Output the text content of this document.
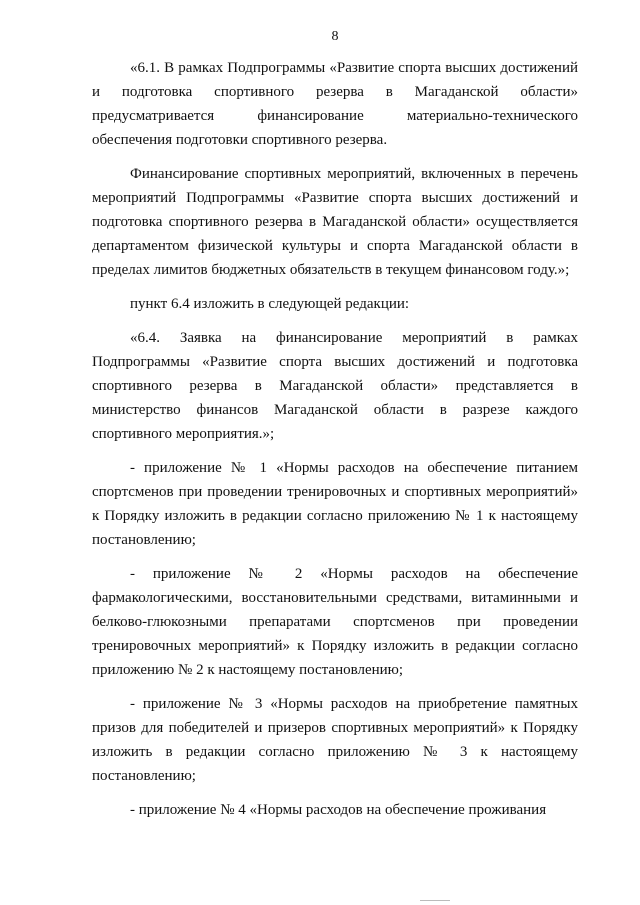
8

«6.1. В рамках Подпрограммы «Развитие спорта высших достижений и подготовка спортивного резерва в Магаданской области» предусматривается финансирование материально-технического обеспечения подготовки спортивного резерва.

Финансирование спортивных мероприятий, включенных в перечень мероприятий Подпрограммы «Развитие спорта высших достижений и подготовка спортивного резерва в Магаданской области» осуществляется департаментом физической культуры и спорта Магаданской области в пределах лимитов бюджетных обязательств в текущем финансовом году.»;

пункт 6.4 изложить в следующей редакции:

«6.4. Заявка на финансирование мероприятий в рамках Подпрограммы «Развитие спорта высших достижений и подготовка спортивного резерва в Магаданской области» представляется в министерство финансов Магаданской области в разрезе каждого спортивного мероприятия.»;

- приложение № 1 «Нормы расходов на обеспечение питанием спортсменов при проведении тренировочных и спортивных мероприятий» к Порядку изложить в редакции согласно приложению № 1 к настоящему постановлению;

- приложение № 2 «Нормы расходов на обеспечение фармакологическими, восстановительными средствами, витаминными и белково-глюкозными препаратами спортсменов при проведении тренировочных мероприятий» к Порядку изложить в редакции согласно приложению № 2 к настоящему постановлению;

- приложение № 3 «Нормы расходов на приобретение памятных призов для победителей и призеров спортивных мероприятий» к Порядку изложить в редакции согласно приложению № 3 к настоящему постановлению;

- приложение № 4 «Нормы расходов на обеспечение проживания
